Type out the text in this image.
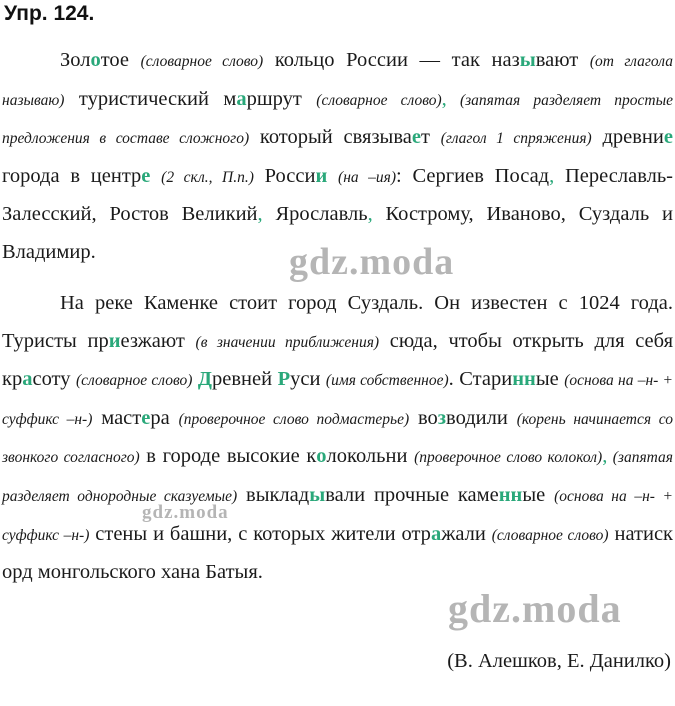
Упр. 124.
Золотое (словарное слово) кольцо России — так называют (от глагола называю) туристический маршрут (словарное слово), (запятая разделяет простые предложения в составе сложного) который связывает (глагол 1 спряжения) древние города в центре (2 скл., П.п.) России (на –ия): Сергиев Посад, Переславль-Залесский, Ростов Великий, Ярославль, Кострому, Иваново, Суздаль и Владимир.
На реке Каменке стоит город Суздаль. Он известен с 1024 года. Туристы приезжают (в значении приближения) сюда, чтобы открыть для себя красоту (словарное слово) Древней Руси (имя собственное). Старинные (основа на –н- + суффикс –н-) мастера (проверочное слово подмастерье) возводили (корень начинается со звонкого согласного) в городе высокие колокольни (проверочное слово колокол), (запятая разделяет однородные сказуемые) выкладывали прочные каменные (основа на –н- + суффикс –н-) стены и башни, с которых жители отражали (словарное слово) натиск орд монгольского хана Батыя.
(В. Алешков, Е. Данилко)
gdz.moda
gdz.moda
gdz.moda
